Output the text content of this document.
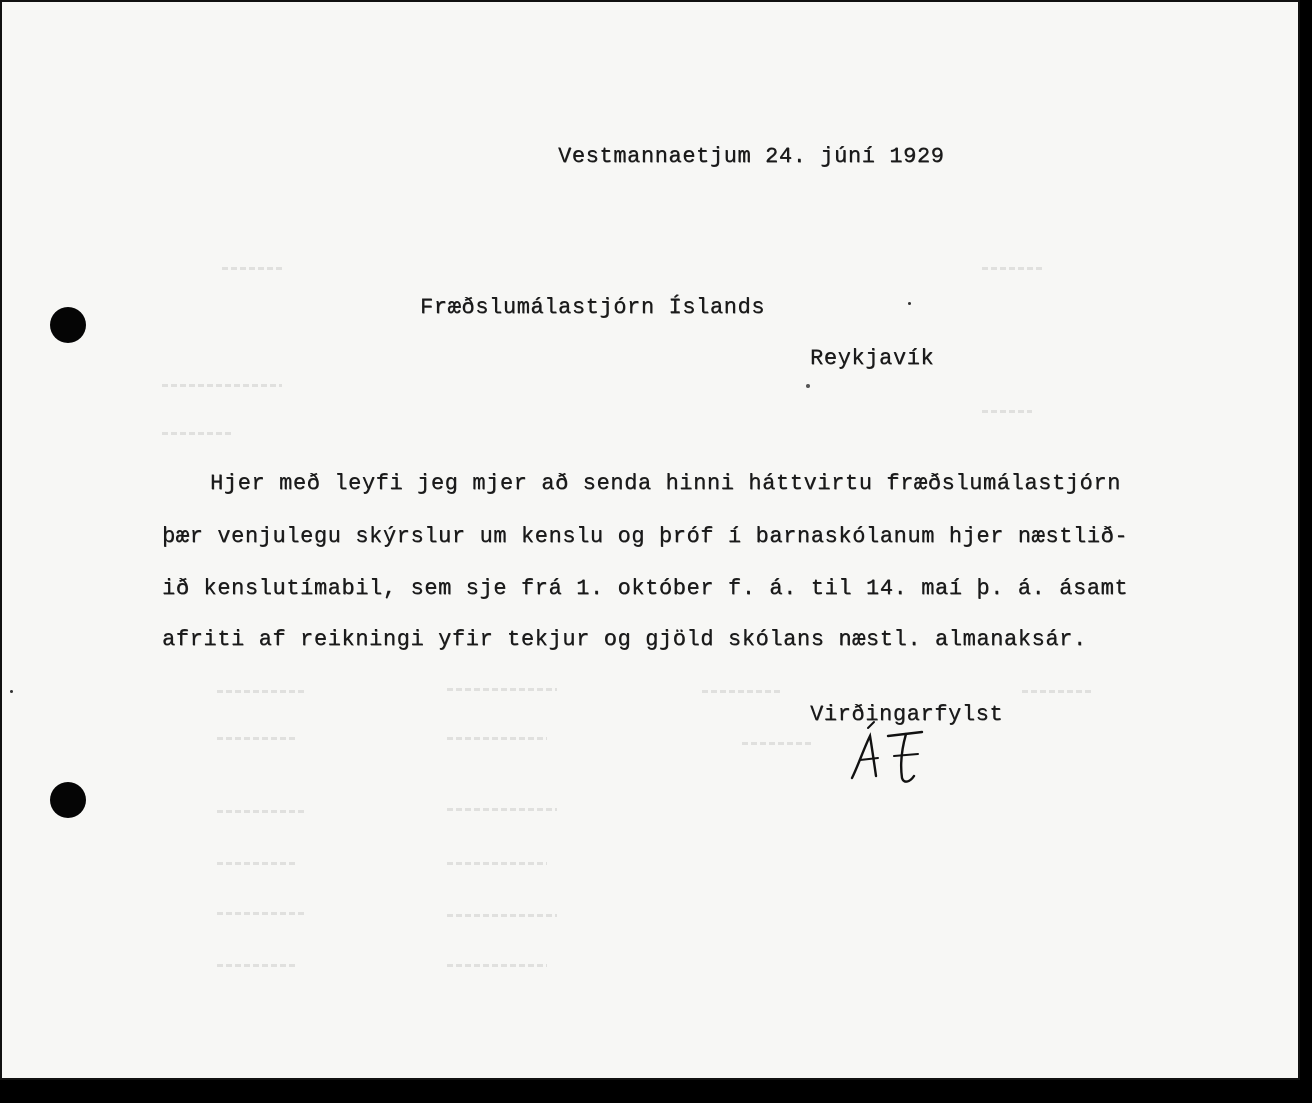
Vestmannaetjum 24. júní 1929
Fræðslumálastjórn Íslands
Reykjavík
Hjer með leyfi jeg mjer að senda hinni háttvirtu fræðslumálastjórn
þær venjulegu skýrslur um kenslu og þróf í barnaskólanum hjer næstlið-
ið kenslutímabil, sem sje frá 1. október f. á. til 14. maí þ. á. ásamt
afriti af reikningi yfir tekjur og gjöld skólans næstl. almanaksár.
Virðingarfylst
